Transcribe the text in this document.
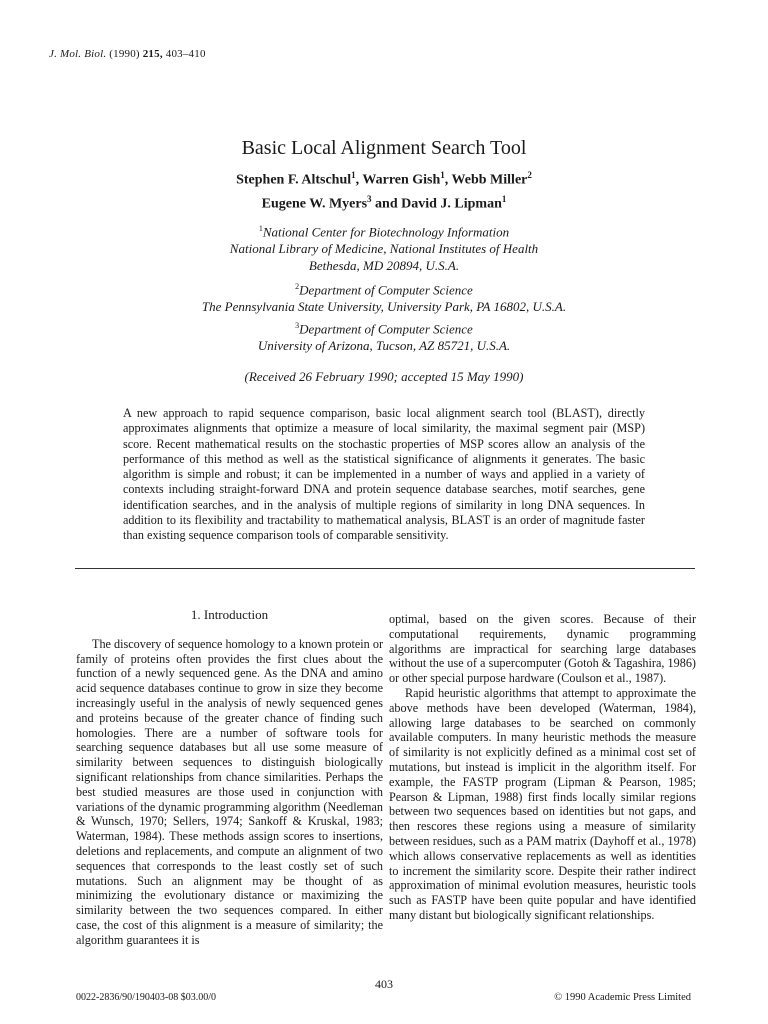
J. Mol. Biol. (1990) 215, 403–410
Basic Local Alignment Search Tool
Stephen F. Altschul$^1$, Warren Gish$^1$, Webb Miller$^2$
Eugene W. Myers$^3$ and David J. Lipman$^1$
$^1$National Center for Biotechnology Information
National Library of Medicine, National Institutes of Health
Bethesda, MD 20894, U.S.A.
$^2$Department of Computer Science
The Pennsylvania State University, University Park, PA 16802, U.S.A.
$^3$Department of Computer Science
University of Arizona, Tucson, AZ 85721, U.S.A.
(Received 26 February 1990; accepted 15 May 1990)
A new approach to rapid sequence comparison, basic local alignment search tool (BLAST), directly approximates alignments that optimize a measure of local similarity, the maximal segment pair (MSP) score. Recent mathematical results on the stochastic properties of MSP scores allow an analysis of the performance of this method as well as the statistical significance of alignments it generates. The basic algorithm is simple and robust; it can be implemented in a number of ways and applied in a variety of contexts including straight-forward DNA and protein sequence database searches, motif searches, gene identification searches, and in the analysis of multiple regions of similarity in long DNA sequences. In addition to its flexibility and tractability to mathematical analysis, BLAST is an order of magnitude faster than existing sequence comparison tools of comparable sensitivity.
1. Introduction

The discovery of sequence homology to a known protein or family of proteins often provides the first clues about the function of a newly sequenced gene. As the DNA and amino acid sequence databases continue to grow in size they become increasingly useful in the analysis of newly sequenced genes and proteins because of the greater chance of finding such homologies. There are a number of software tools for searching sequence databases but all use some measure of similarity between sequences to distinguish biologically significant relationships from chance similarities. Perhaps the best studied measures are those used in conjunction with variations of the dynamic programming algorithm (Needleman & Wunsch, 1970; Sellers, 1974; Sankoff & Kruskal, 1983; Waterman, 1984). These methods assign scores to insertions, deletions and replacements, and compute an alignment of two sequences that corresponds to the least costly set of such mutations. Such an alignment may be thought of as minimizing the evolutionary distance or maximizing the similarity between the two sequences compared. In either case, the cost of this alignment is a measure of similarity; the algorithm guarantees it is

optimal, based on the given scores. Because of their computational requirements, dynamic programming algorithms are impractical for searching large databases without the use of a supercomputer (Gotoh & Tagashira, 1986) or other special purpose hardware (Coulson et al., 1987).

Rapid heuristic algorithms that attempt to approximate the above methods have been developed (Waterman, 1984), allowing large databases to be searched on commonly available computers. In many heuristic methods the measure of similarity is not explicitly defined as a minimal cost set of mutations, but instead is implicit in the algorithm itself. For example, the FASTP program (Lipman & Pearson, 1985; Pearson & Lipman, 1988) first finds locally similar regions between two sequences based on identities but not gaps, and then rescores these regions using a measure of similarity between residues, such as a PAM matrix (Dayhoff et al., 1978) which allows conservative replacements as well as identities to increment the similarity score. Despite their rather indirect approximation of minimal evolution measures, heuristic tools such as FASTP have been quite popular and have identified many distant but biologically significant relationships.

403
0022-2836/90/190403-08 $03.00/0	© 1990 Academic Press Limited
